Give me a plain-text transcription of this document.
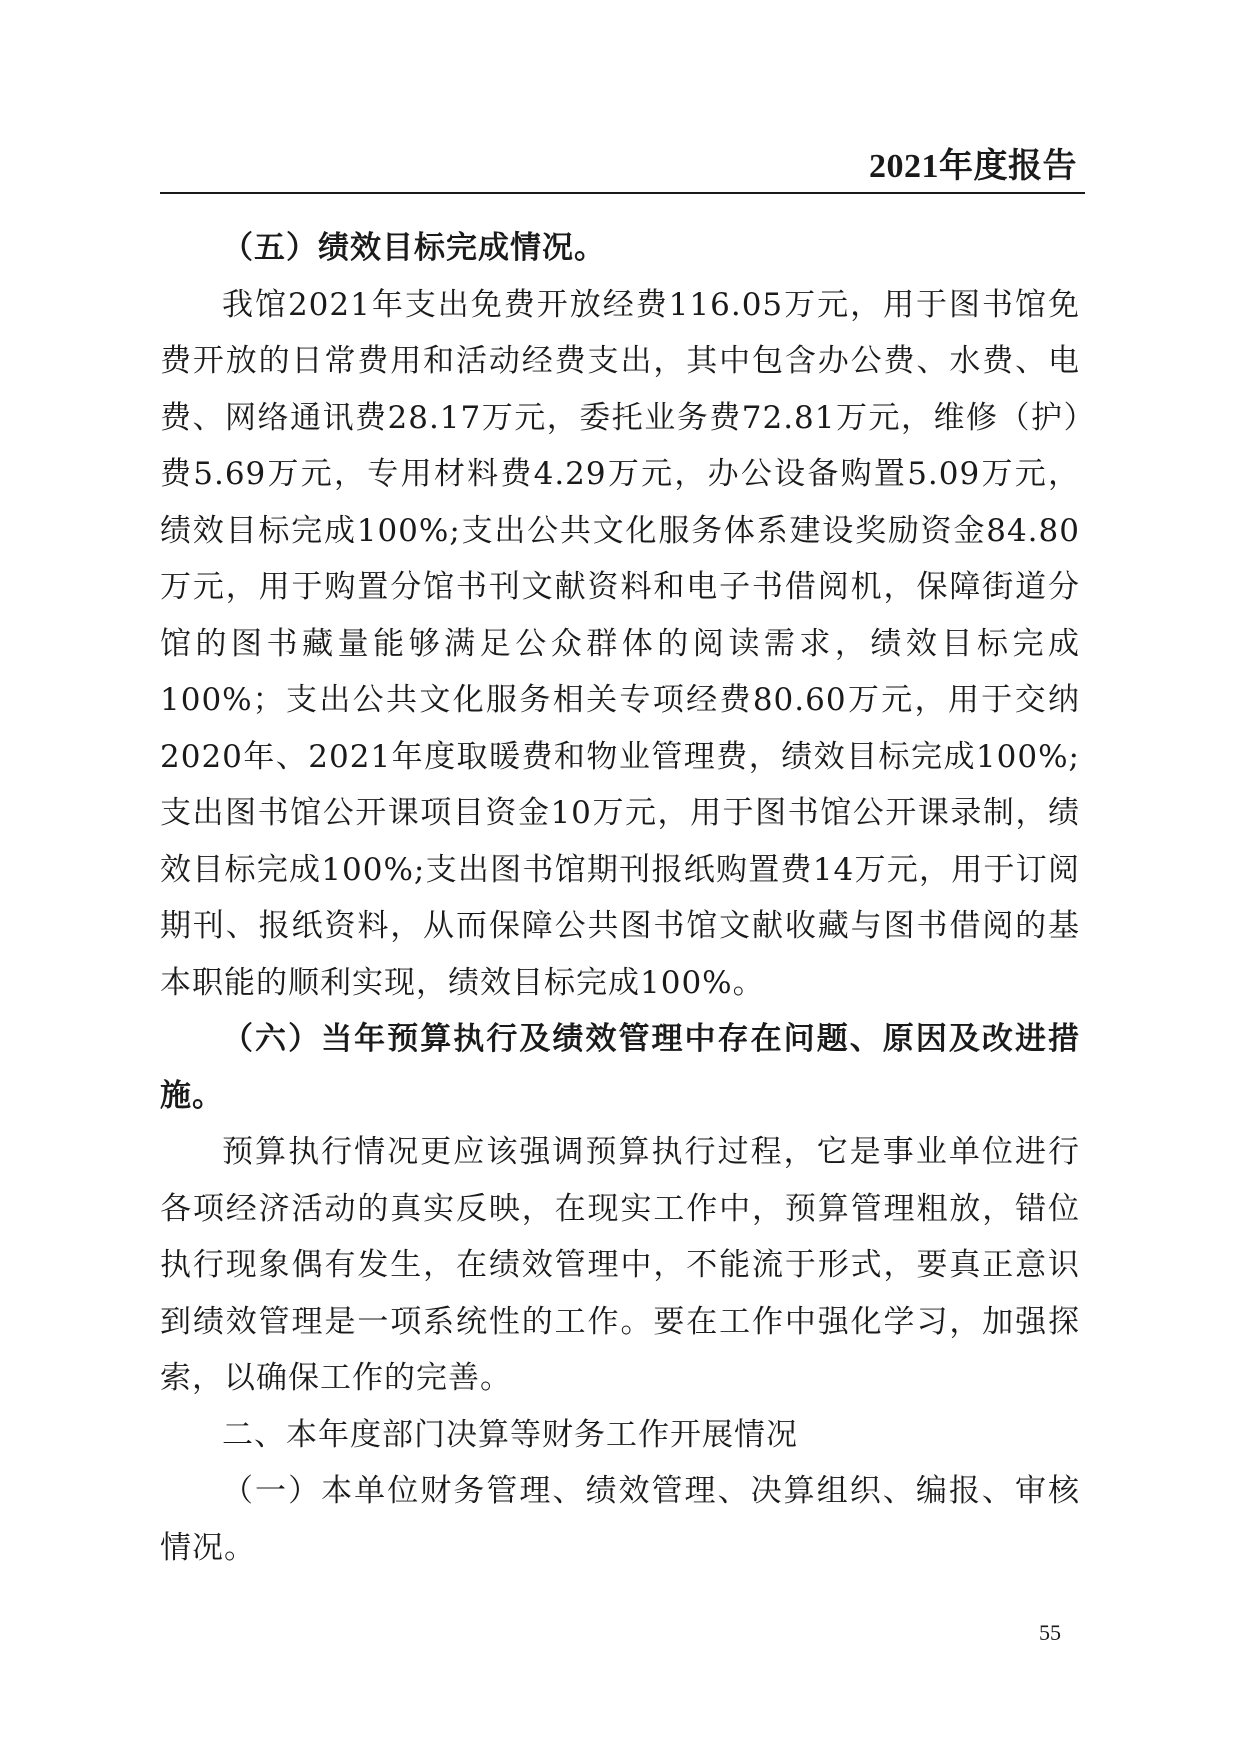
2021年度报告

（五）绩效目标完成情况。

我馆2021年支出免费开放经费116.05万元，用于图书馆免费开放的日常费用和活动经费支出，其中包含办公费、水费、电费、网络通讯费28.17万元，委托业务费72.81万元，维修（护）费5.69万元，专用材料费4.29万元，办公设备购置5.09万元，绩效目标完成100%;支出公共文化服务体系建设奖励资金84.80万元，用于购置分馆书刊文献资料和电子书借阅机，保障街道分馆的图书藏量能够满足公众群体的阅读需求，绩效目标完成100%；支出公共文化服务相关专项经费80.60万元，用于交纳2020年、2021年度取暖费和物业管理费，绩效目标完成100%;支出图书馆公开课项目资金10万元，用于图书馆公开课录制，绩效目标完成100%;支出图书馆期刊报纸购置费14万元，用于订阅期刊、报纸资料，从而保障公共图书馆文献收藏与图书借阅的基本职能的顺利实现，绩效目标完成100%。

（六）当年预算执行及绩效管理中存在问题、原因及改进措施。

预算执行情况更应该强调预算执行过程，它是事业单位进行各项经济活动的真实反映，在现实工作中，预算管理粗放，错位执行现象偶有发生，在绩效管理中，不能流于形式，要真正意识到绩效管理是一项系统性的工作。要在工作中强化学习，加强探索，以确保工作的完善。

二、本年度部门决算等财务工作开展情况

（一）本单位财务管理、绩效管理、决算组织、编报、审核情况。

55
